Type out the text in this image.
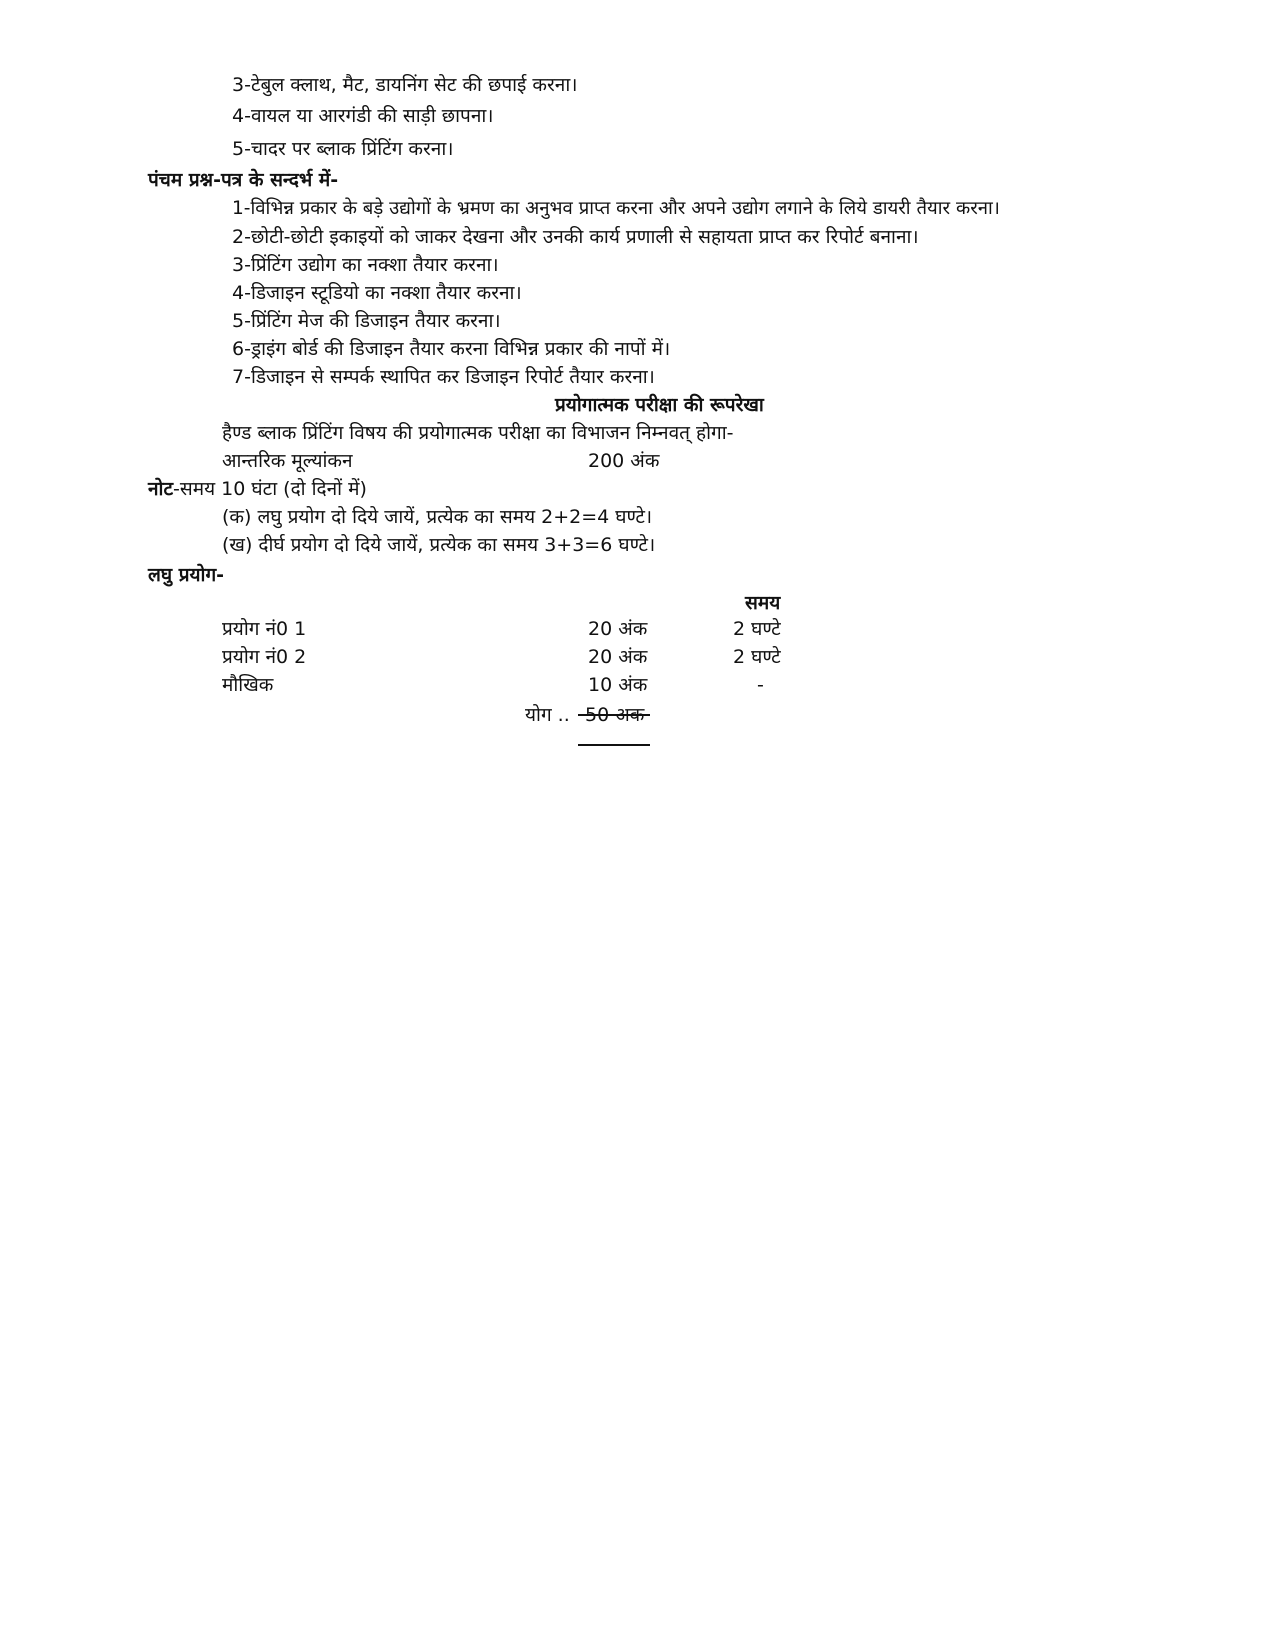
3-टेबुल क्लाथ, मैट, डायनिंग सेट की छपाई करना।
4-वायल या आरगंडी की साड़ी छापना।
5-चादर पर ब्लाक प्रिंटिंग करना।
पंचम प्रश्न-पत्र के सन्दर्भ में-
1-विभिन्न प्रकार के बड़े उद्योगों के भ्रमण का अनुभव प्राप्त करना और अपने उद्योग लगाने के लिये डायरी तैयार करना।
2-छोटी-छोटी इकाइयों को जाकर देखना और उनकी कार्य प्रणाली से सहायता प्राप्त कर रिपोर्ट बनाना।
3-प्रिंटिंग उद्योग का नक्शा तैयार करना।
4-डिजाइन स्टूडियो का नक्शा तैयार करना।
5-प्रिंटिंग मेज की डिजाइन तैयार करना।
6-ड्राइंग बोर्ड की डिजाइन तैयार करना विभिन्न प्रकार की नापों में।
7-डिजाइन से सम्पर्क स्थापित कर डिजाइन रिपोर्ट तैयार करना।
प्रयोगात्मक परीक्षा की रूपरेखा
हैण्ड ब्लाक प्रिंटिंग विषय की प्रयोगात्मक परीक्षा का विभाजन निम्नवत् होगा-
आन्तरिक मूल्यांकन	200 अंक
नोट-समय 10 घंटा (दो दिनों में)
(क) लघु प्रयोग दो दिये जायें, प्रत्येक का समय 2+2=4 घण्टे।
(ख) दीर्घ प्रयोग दो दिये जायें, प्रत्येक का समय 3+3=6 घण्टे।
लघु प्रयोग-
समय
प्रयोग नं0 1	20 अंक	2 घण्टे
प्रयोग नं0 2	20 अंक	2 घण्टे
मौखिक	10 अंक	-
योग .. 50 अक
